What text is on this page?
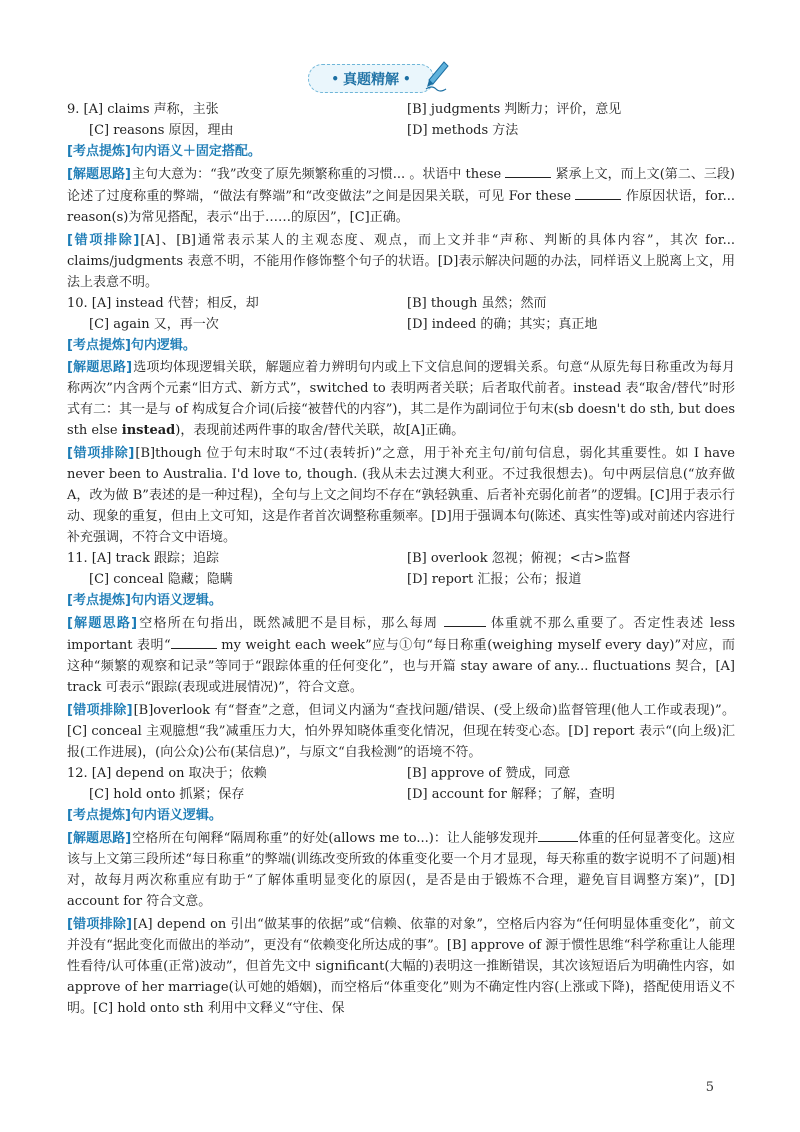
• 真题精解 •
9. [A] claims 声称，主张	[B] judgments 判断力；评价，意见
[C] reasons 原因，理由	[D] methods 方法
[考点提炼]句内语义＋固定搭配。
[解题思路]主句大意为：“我”改变了原先频繁称重的习惯... 。状语中 these	紧承上文，而上文(第二、三段)论述了过度称重的弊端，“做法有弊端”和“改变做法”之间是因果关联，可见 For these	作原因状语，for... reason(s)为常见搭配，表示“出于……的原因”，[C]正确。
[错项排除][A]、[B]通常表示某人的主观态度、观点，而上文并非“声称、判断的具体内容”，其次 for... claims/judgments 表意不明，不能用作修饰整个句子的状语。[D]表示解决问题的办法，同样语义上脱离上文，用法上表意不明。
10. [A] instead 代替；相反，却	[B] though 虽然；然而
[C] again 又，再一次	[D] indeed 的确；其实；真正地
[考点提炼]句内逻辑。
[解题思路]选项均体现逻辑关联，解题应着力辨明句内或上下文信息间的逻辑关系。句意“从原先每日称重改为每月称两次”内含两个元素“旧方式、新方式”，switched to 表明两者关联；后者取代前者。instead 表“取舍/替代”时形式有二：其一是与 of 构成复合介词(后接“被替代的内容”)，其二是作为副词位于句末(sb doesn't do sth, but does sth else instead)，表现前述两件事的取舍/替代关联，故[A]正确。
[错项排除][B]though 位于句末时取“不过(表转折)”之意，用于补充主句/前句信息，弱化其重要性。如 I have never been to Australia. I'd love to, though. (我从未去过澳大利亚。不过我很想去)。句中两层信息(“放弃做 A，改为做 B”表述的是一种过程)，全句与上文之间均不存在“孰轻孰重、后者补充弱化前者”的逻辑。[C]用于表示行动、现象的重复，但由上文可知，这是作者首次调整称重频率。[D]用于强调本句(陈述、真实性等)或对前述内容进行补充强调，不符合文中语境。
11. [A] track 跟踪；追踪	[B] overlook 忽视；俯视；<古>监督
[C] conceal 隐藏；隐瞒	[D] report 汇报；公布；报道
[考点提炼]句内语义逻辑。
[解题思路]空格所在句指出，既然减肥不是目标，那么每周	体重就不那么重要了。否定性表述 less important 表明“	my weight each week”应与①句“每日称重(weighing myself every day)”对应，而这种“频繁的观察和记录”等同于“跟踪体重的任何变化”，也与开篇 stay aware of any... fluctuations 契合，[A] track 可表示“跟踪(表现或进展情况)”，符合文意。
[错项排除][B]overlook 有“督查”之意，但词义内涵为“查找问题/错误、(受上级命)监督管理(他人工作或表现)”。[C] conceal 主观臆想“我”减重压力大，怕外界知晓体重变化情况，但现在转变心态。[D] report 表示“(向上级)汇报(工作进展)，(向公众)公布(某信息)”，与原文“自我检测”的语境不符。
12. [A] depend on 取决于；依赖	[B] approve of 赞成，同意
[C] hold onto 抓紧；保存	[D] account for 解释；了解，查明
[考点提炼]句内语义逻辑。
[解题思路]空格所在句阐释“隔周称重”的好处(allows me to...)：让人能够发现并	体重的任何显著变化。这应该与上文第三段所述“每日称重”的弊端(训练改变所致的体重变化要一个月才显现，每天称重的数字说明不了问题)相对，故每月两次称重应有助于“了解体重明显变化的原因(，是否是由于锻炼不合理，避免盲目调整方案)”，[D] account for 符合文意。
[错项排除][A] depend on 引出“做某事的依据”或“信赖、依靠的对象”，空格后内容为“任何明显体重变化”，前文并没有“据此变化而做出的举动”，更没有“依赖变化所达成的事”。[B] approve of 源于惯性思维“科学称重让人能理性看待/认可体重(正常)波动”，但首先文中 significant(大幅的)表明这一推断错误，其次该短语后为明确性内容，如 approve of her marriage(认可她的婚姻)，而空格后“体重变化”则为不确定性内容(上涨或下降)，搭配使用语义不明。[C] hold onto sth 利用中文释义“守住、保
5
